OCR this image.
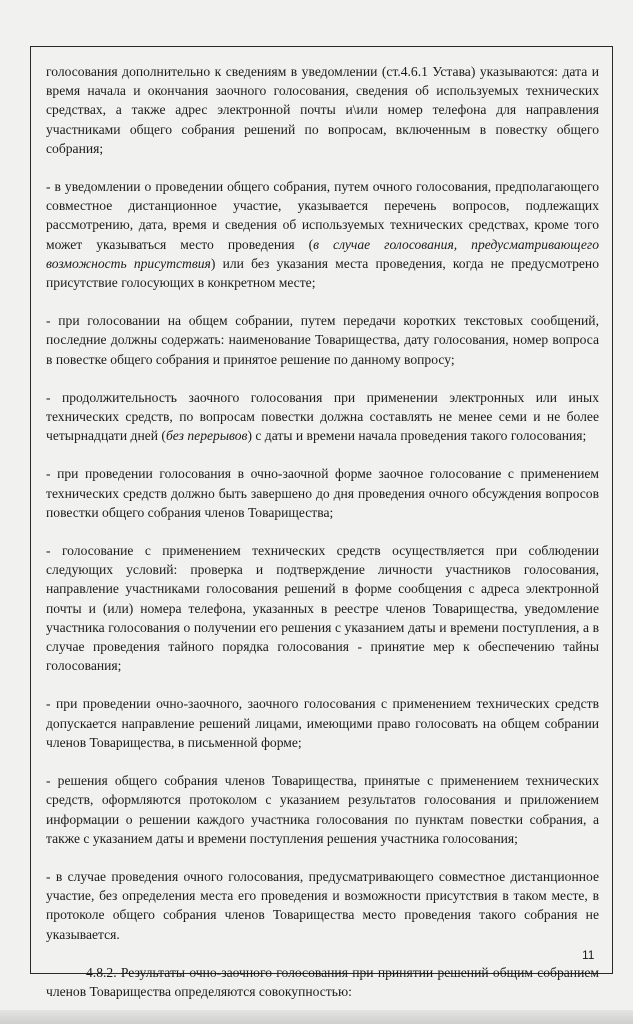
голосования дополнительно к сведениям в уведомлении (ст.4.6.1 Устава) указываются: дата и время начала и окончания заочного голосования, сведения об используемых технических средствах, а также адрес электронной почты и\или номер телефона для направления участниками общего собрания решений по вопросам, включенным в повестку общего собрания;

- в уведомлении о проведении общего собрания, путем очного голосования, предполагающего совместное дистанционное участие, указывается перечень вопросов, подлежащих рассмотрению, дата, время и сведения об используемых технических средствах, кроме того может указываться место проведения (в случае голосования, предусматривающего возможность присутствия) или без указания места проведения, когда не предусмотрено присутствие голосующих в конкретном месте;

- при голосовании на общем собрании, путем передачи коротких текстовых сообщений, последние должны содержать: наименование Товарищества, дату голосования, номер вопроса в повестке общего собрания и принятое решение по данному вопросу;

- продолжительность заочного голосования при применении электронных или иных технических средств, по вопросам повестки должна составлять не менее семи и не более четырнадцати дней (без перерывов) с даты и времени начала проведения такого голосования;

- при проведении голосования в очно-заочной форме заочное голосование с применением технических средств должно быть завершено до дня проведения очного обсуждения вопросов повестки общего собрания членов Товарищества;

- голосование с применением технических средств осуществляется при соблюдении следующих условий: проверка и подтверждение личности участников голосования, направление участниками голосования решений в форме сообщения с адреса электронной почты и (или) номера телефона, указанных в реестре членов Товарищества, уведомление участника голосования о получении его решения с указанием даты и времени поступления, а в случае проведения тайного порядка голосования - принятие мер к обеспечению тайны голосования;

- при проведении очно-заочного, заочного голосования с применением технических средств допускается направление решений лицами, имеющими право голосовать на общем собрании членов Товарищества, в письменной форме;

- решения общего собрания членов Товарищества, принятые с применением технических средств, оформляются протоколом с указанием результатов голосования и приложением информации о решении каждого участника голосования по пунктам повестки собрания, а также с указанием даты и времени поступления решения участника голосования;

- в случае проведения очного голосования, предусматривающего совместное дистанционное участие, без определения места его проведения и возможности присутствия в таком месте, в протоколе общего собрания членов Товарищества место проведения такого собрания не указывается.

4.8.2. Результаты очно-заочного голосования при принятии решений общим собранием членов Товарищества определяются совокупностью:

11
